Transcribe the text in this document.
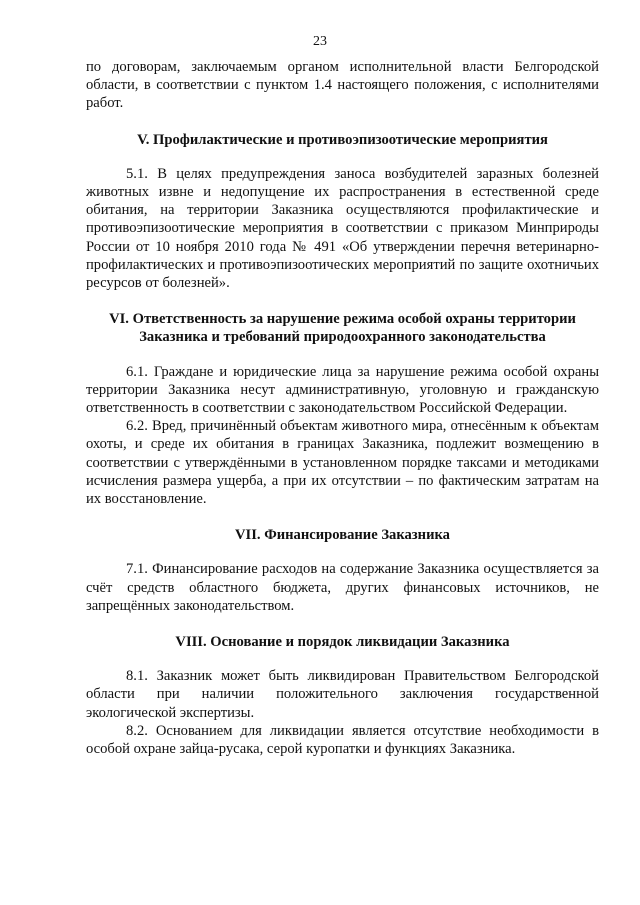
23

по договорам, заключаемым органом исполнительной власти Белгородской области, в соответствии с пунктом 1.4 настоящего положения, с исполнителями работ.

V. Профилактические и противоэпизоотические мероприятия

5.1. В целях предупреждения заноса возбудителей заразных болезней животных извне и недопущение их распространения в естественной среде обитания, на территории Заказника осуществляются профилактические и противоэпизоотические мероприятия в соответствии с приказом Минприроды России от 10 ноября 2010 года № 491 «Об утверждении перечня ветеринарно-профилактических и противоэпизоотических мероприятий по защите охотничьих ресурсов от болезней».

VI. Ответственность за нарушение режима особой охраны территории Заказника и требований природоохранного законодательства

6.1. Граждане и юридические лица за нарушение режима особой охраны территории Заказника несут административную, уголовную и гражданскую ответственность в соответствии с законодательством Российской Федерации.

6.2. Вред, причинённый объектам животного мира, отнесённым к объектам охоты, и среде их обитания в границах Заказника, подлежит возмещению в соответствии с утверждёнными в установленном порядке таксами и методиками исчисления размера ущерба, а при их отсутствии – по фактическим затратам на их восстановление.

VII. Финансирование Заказника

7.1. Финансирование расходов на содержание Заказника осуществляется за счёт средств областного бюджета, других финансовых источников, не запрещённых законодательством.

VIII. Основание и порядок ликвидации Заказника

8.1. Заказник может быть ликвидирован Правительством Белгородской области при наличии положительного заключения государственной экологической экспертизы.

8.2. Основанием для ликвидации является отсутствие необходимости в особой охране зайца-русака, серой куропатки и функциях Заказника.
